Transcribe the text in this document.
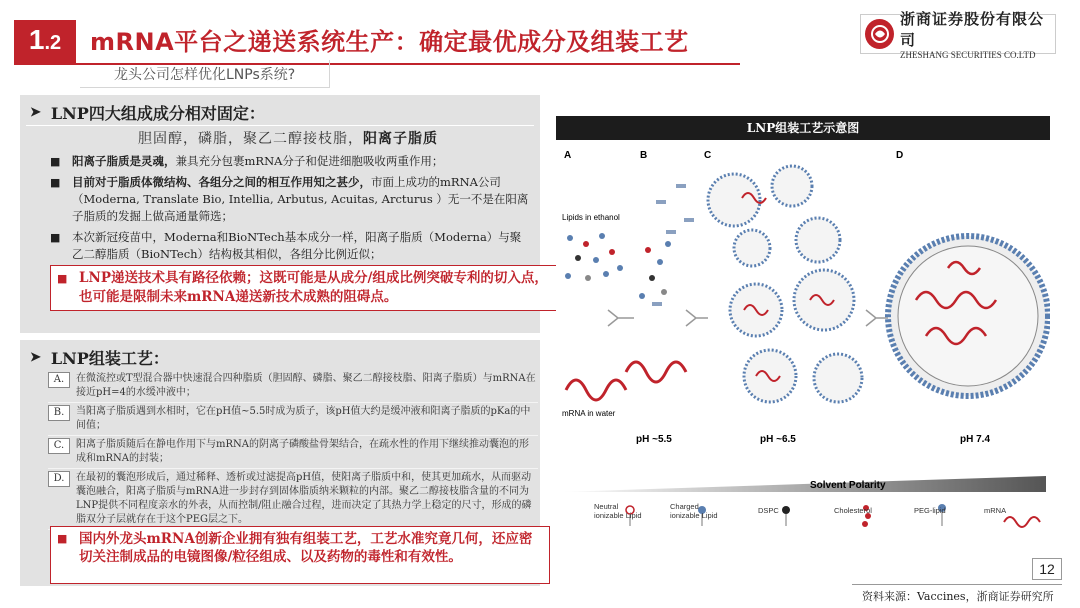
1 .2 mRNA平台之递送系统生产：确定最优成分及组装工艺
龙头公司怎样优化LNPs系统?
浙商证券股份有限公司
ZHESHANG SECURITIES CO.LTD
➤ LNP四大组成成分相对固定：
胆固醇，磷脂，聚乙二醇接枝脂，阳离子脂质
■	阳离子脂质是灵魂，兼具充分包裹mRNA分子和促进细胞吸收两重作用；
■	目前对于脂质体微结构、各组分之间的相互作用知之甚少，市面上成功的mRNA公司（Moderna, Translate Bio, Intellia, Arbutus, Acuitas, Arcturus ）无一不是在阳离子脂质的发掘上做高通量筛选；
■	本次新冠疫苗中，Moderna和BioNTech基本成分一样，阳离子脂质（Moderna）与聚乙二醇脂质（BioNTech）结构极其相似，各组分比例近似；
■ LNP递送技术具有路径依赖；这既可能是从成分/组成比例突破专利的切入点，也可能是限制未来mRNA递送新技术成熟的阻碍点。
➤ LNP组装工艺：
A.	在微流控或T型混合器中快速混合四种脂质（胆固醇、磷脂、聚乙二醇接枝脂、阳离子脂质）与mRNA在接近pH=4的水缓冲液中；
B.	当阳离子脂质遇到水相时，它在pH值~5.5时成为质子，该pH值大约是缓冲液和阳离子脂质的pKa的中间值；
C.	阳离子脂质随后在静电作用下与mRNA的阴离子磷酸盐骨架结合，在疏水性的作用下继续推动囊泡的形成和mRNA的封装；
D.	在最初的囊泡形成后，通过稀释、透析或过滤提高pH值，使阳离子脂质中和，使其更加疏水，从而驱动囊泡融合，阳离子脂质与mRNA进一步封存到固体脂质纳米颗粒的内部。聚乙二醇接枝脂含量的不同为LNP提供不同程度亲水的外表，从而控制/阻止融合过程，进而决定了其热力学上稳定的尺寸，形成的磷脂双分子层就存在于这个PEG层之下。
■ 国内外龙头mRNA创新企业拥有独有组装工艺，工艺水准究竟几何，还应密切关注制成品的电镜图像/粒径组成、以及药物的毒性和有效性。
LNP组装工艺示意图
A	B	C	D
Lipids in ethanol
mRNA in water
pH ~5.5	pH ~6.5	pH 7.4
Solvent Polarity
Neutral
ionizable Lipid
Charged
ionizable Lipid
DSPC	Cholesterol	PEG-lipid	mRNA
12
资料来源：Vaccines，浙商证券研究所
